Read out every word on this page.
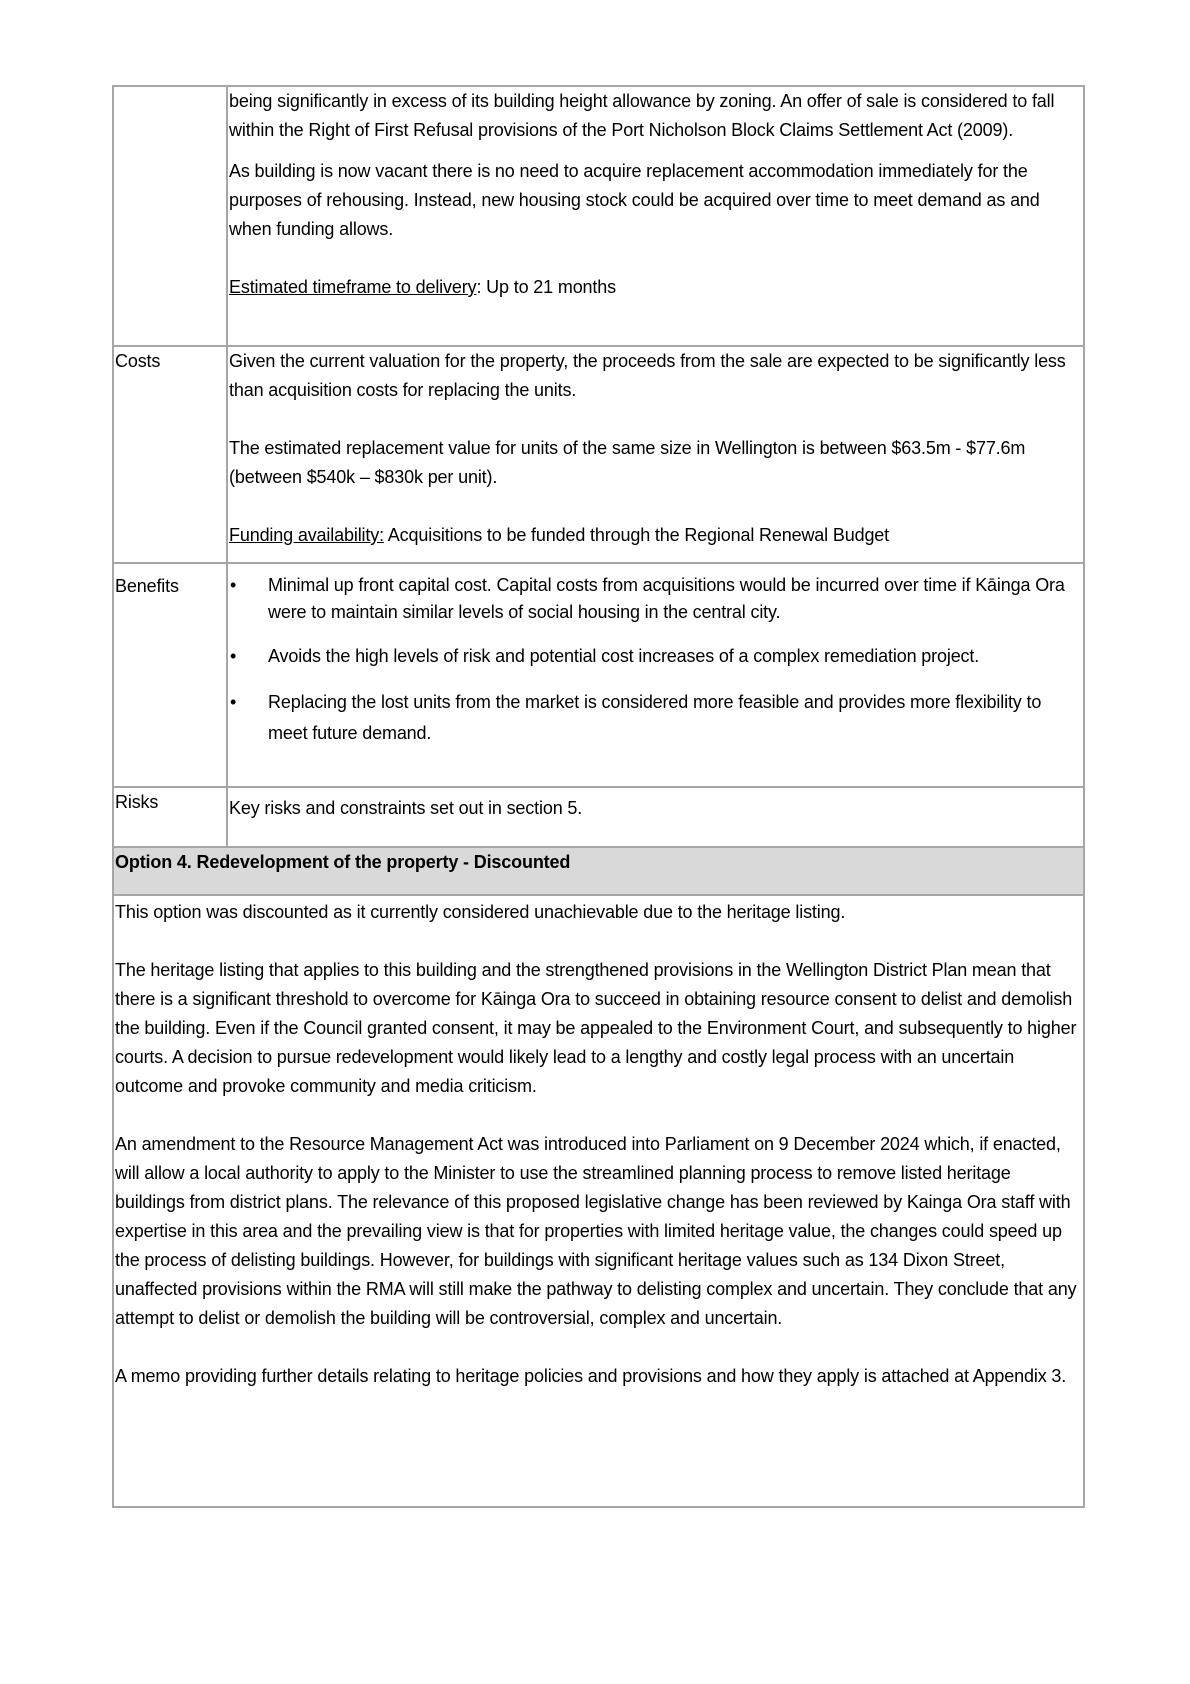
	being significantly in excess of its building height allowance by zoning. An offer of sale is considered to fall within the Right of First Refusal provisions of the Port Nicholson Block Claims Settlement Act (2009).

As building is now vacant there is no need to acquire replacement accommodation immediately for the purposes of rehousing. Instead, new housing stock could be acquired over time to meet demand as and when funding allows.

Estimated timeframe to delivery: Up to 21 months

Costs	Given the current valuation for the property, the proceeds from the sale are expected to be significantly less than acquisition costs for replacing the units.

The estimated replacement value for units of the same size in Wellington is between $63.5m - $77.6m (between $540k – $830k per unit).

Funding availability: Acquisitions to be funded through the Regional Renewal Budget

Benefits	• Minimal up front capital cost. Capital costs from acquisitions would be incurred over time if Kāinga Ora were to maintain similar levels of social housing in the central city.
• Avoids the high levels of risk and potential cost increases of a complex remediation project.
• Replacing the lost units from the market is considered more feasible and provides more flexibility to meet future demand.

Risks	Key risks and constraints set out in section 5.
Option 4. Redevelopment of the property - Discounted	

This option was discounted as it currently considered unachievable due to the heritage listing.

The heritage listing that applies to this building and the strengthened provisions in the Wellington District Plan mean that there is a significant threshold to overcome for Kāinga Ora to succeed in obtaining resource consent to delist and demolish the building. Even if the Council granted consent, it may be appealed to the Environment Court, and subsequently to higher courts. A decision to pursue redevelopment would likely lead to a lengthy and costly legal process with an uncertain outcome and provoke community and media criticism.

An amendment to the Resource Management Act was introduced into Parliament on 9 December 2024 which, if enacted, will allow a local authority to apply to the Minister to use the streamlined planning process to remove listed heritage buildings from district plans. The relevance of this proposed legislative change has been reviewed by Kainga Ora staff with expertise in this area and the prevailing view is that for properties with limited heritage value, the changes could speed up the process of delisting buildings. However, for buildings with significant heritage values such as 134 Dixon Street, unaffected provisions within the RMA will still make the pathway to delisting complex and uncertain. They conclude that any attempt to delist or demolish the building will be controversial, complex and uncertain.

A memo providing further details relating to heritage policies and provisions and how they apply is attached at Appendix 3.	
